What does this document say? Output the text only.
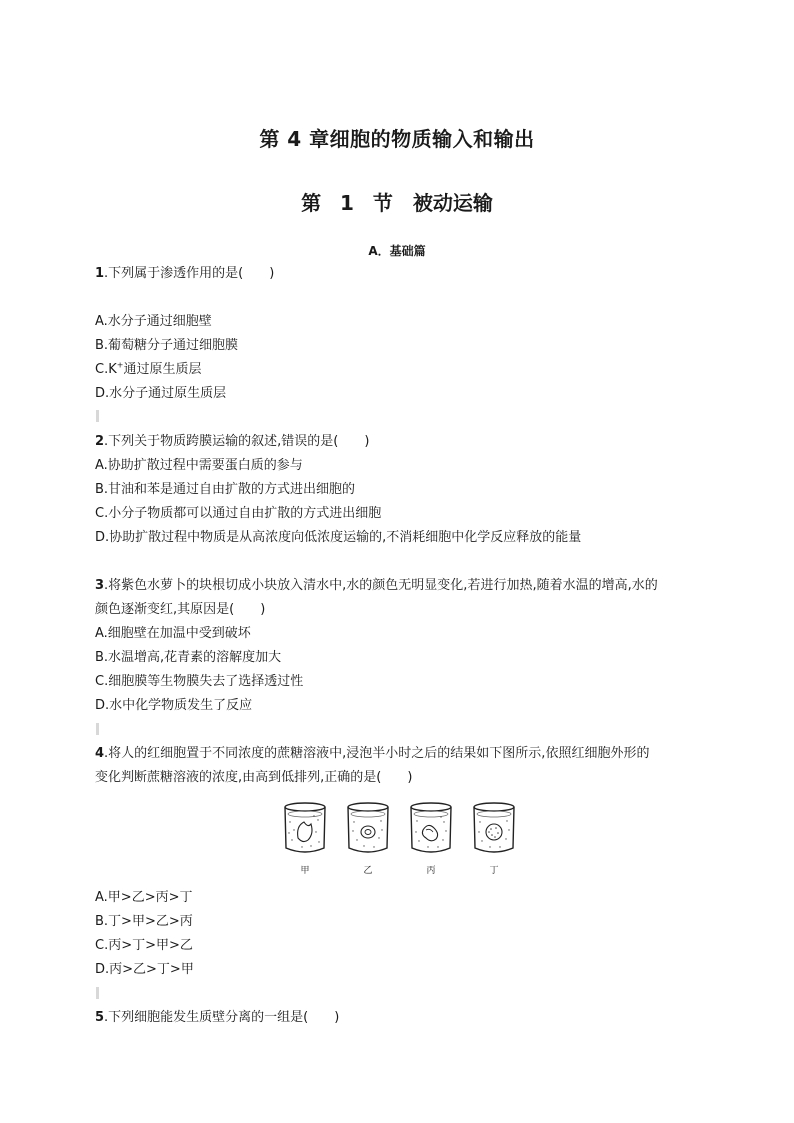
第 4 章细胞的物质输入和输出
第 1 节　被动运输
A．基础篇
1.下列属于渗透作用的是(　　)
A.水分子通过细胞壁
B.葡萄糖分子通过细胞膜
C.K+通过原生质层
D.水分子通过原生质层
2.下列关于物质跨膜运输的叙述,错误的是(　　)
A.协助扩散过程中需要蛋白质的参与
B.甘油和苯是通过自由扩散的方式进出细胞的
C.小分子物质都可以通过自由扩散的方式进出细胞
D.协助扩散过程中物质是从高浓度向低浓度运输的,不消耗细胞中化学反应释放的能量
3.将紫色水萝卜的块根切成小块放入清水中,水的颜色无明显变化,若进行加热,随着水温的增高,水的
颜色逐渐变红,其原因是(　　)
A.细胞壁在加温中受到破坏
B.水温增高,花青素的溶解度加大
C.细胞膜等生物膜失去了选择透过性
D.水中化学物质发生了反应
4.将人的红细胞置于不同浓度的蔗糖溶液中,浸泡半小时之后的结果如下图所示,依照红细胞外形的
变化判断蔗糖溶液的浓度,由高到低排列,正确的是(　　)
甲	乙	丙	丁
A.甲>乙>丙>丁
B.丁>甲>乙>丙
C.丙>丁>甲>乙
D.丙>乙>丁>甲
5.下列细胞能发生质壁分离的一组是(　　)
